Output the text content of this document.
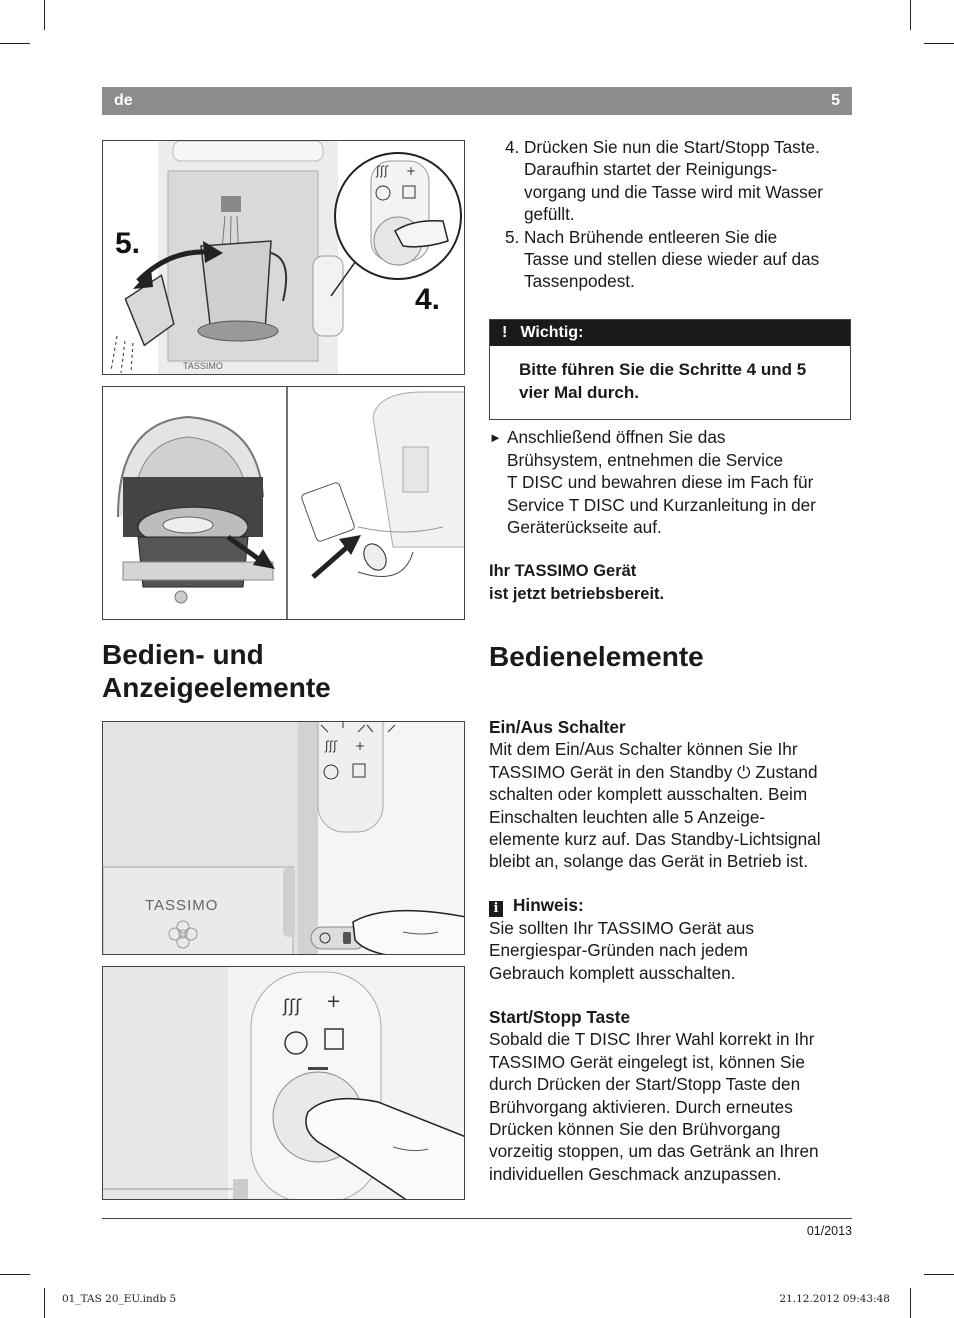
de	5
5.
4.
TASSIMO
ʃʃʃ +
4. Drücken Sie nun die Start/Stopp Taste.
Daraufhin startet der Reinigungs-
vorgang und die Tasse wird mit Wasser
gefüllt.
5. Nach Brühende entleeren Sie die
Tasse und stellen diese wieder auf das
Tassenpodest.
! Wichtig:
Bitte führen Sie die Schritte 4 und 5
vier Mal durch.
► Anschließend öffnen Sie das
Brühsystem, entnehmen die Service
T DISC und bewahren diese im Fach für
Service T DISC und Kurzanleitung in der
Geräterückseite auf.
Ihr TASSIMO Gerät
ist jetzt betriebsbereit.
Bedien- und
Anzeigeelemente
Bedienelemente
TASSIMO
ʃʃʃ +
ʃʃʃ +
Ein/Aus Schalter
Mit dem Ein/Aus Schalter können Sie Ihr
TASSIMO Gerät in den Standby ⏻ Zustand
schalten oder komplett ausschalten. Beim
Einschalten leuchten alle 5 Anzeige-
elemente kurz auf. Das Standby-Lichtsignal
bleibt an, solange das Gerät in Betrieb ist.
i Hinweis:
Sie sollten Ihr TASSIMO Gerät aus
Energiespar-Gründen nach jedem
Gebrauch komplett ausschalten.
Start/Stopp Taste
Sobald die T DISC Ihrer Wahl korrekt in Ihr
TASSIMO Gerät eingelegt ist, können Sie
durch Drücken der Start/Stopp Taste den
Brühvorgang aktivieren. Durch erneutes
Drücken können Sie den Brühvorgang
vorzeitig stoppen, um das Getränk an Ihren
individuellen Geschmack anzupassen.
01/2013
01_TAS 20_EU.indb 5	21.12.2012 09:43:48
